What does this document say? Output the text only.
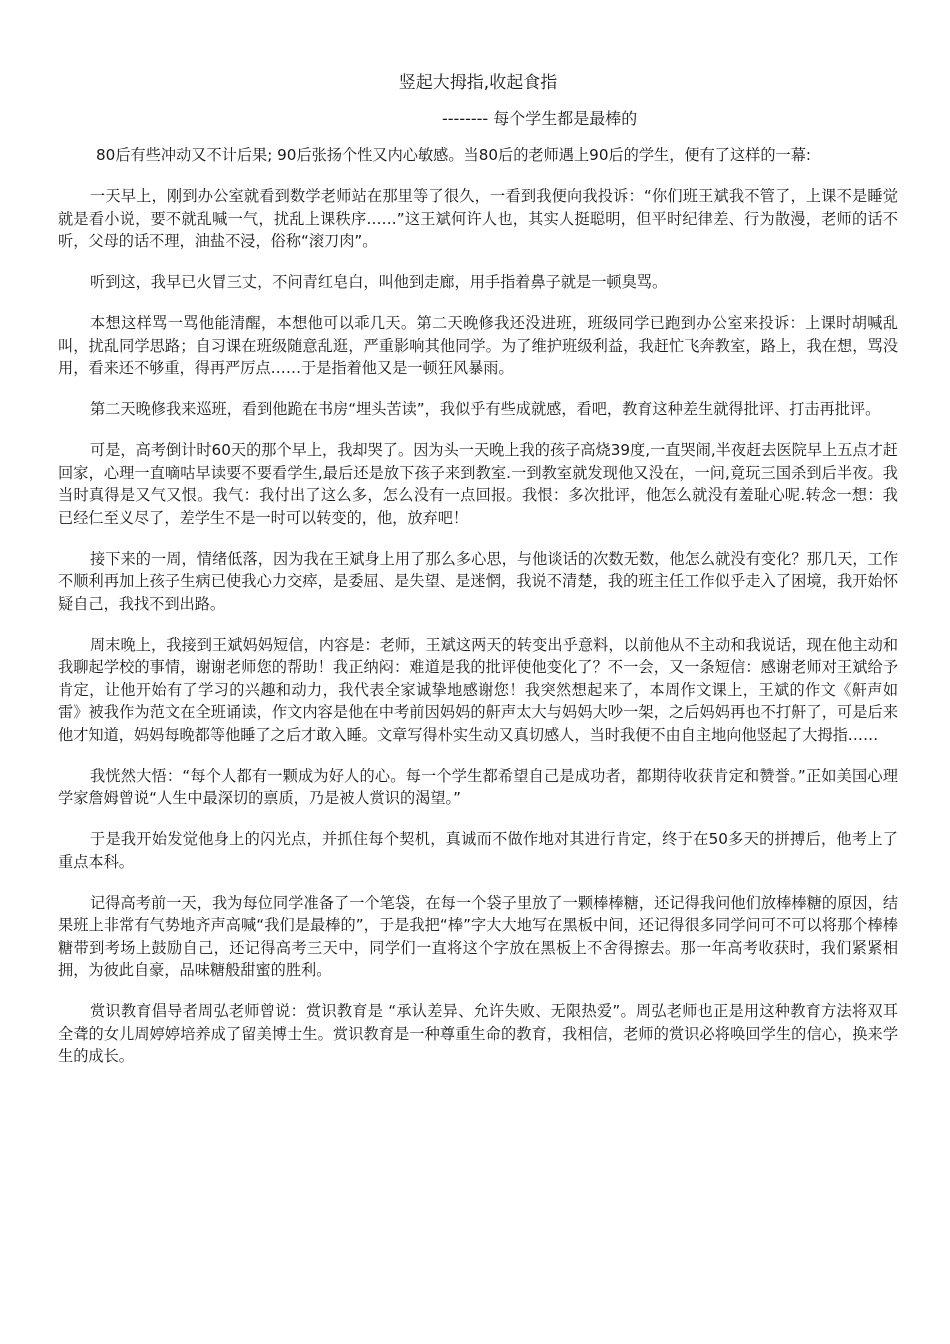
竖起大拇指,收起食指
-------- 每个学生都是最棒的

80后有些冲动又不计后果; 90后张扬个性又内心敏感。当80后的老师遇上90后的学生，便有了这样的一幕:

一天早上，刚到办公室就看到数学老师站在那里等了很久，一看到我便向我投诉：“你们班王斌我不管了，上课不是睡觉就是看小说，要不就乱喊一气，扰乱上课秩序……”这王斌何许人也，其实人挺聪明，但平时纪律差、行为散漫，老师的话不听，父母的话不理，油盐不浸，俗称“滚刀肉”。

听到这，我早已火冒三丈，不问青红皂白，叫他到走廊，用手指着鼻子就是一顿臭骂。

本想这样骂一骂他能清醒，本想他可以乖几天。第二天晚修我还没进班，班级同学已跑到办公室来投诉：上课时胡喊乱叫，扰乱同学思路；自习课在班级随意乱逛，严重影响其他同学。为了维护班级利益，我赶忙飞奔教室，路上，我在想，骂没用，看来还不够重，得再严厉点……于是指着他又是一顿狂风暴雨。

第二天晚修我来巡班，看到他跪在书房“埋头苦读”，我似乎有些成就感，看吧，教育这种差生就得批评、打击再批评。

可是，高考倒计时60天的那个早上，我却哭了。因为头一天晚上我的孩子高烧39度,一直哭闹,半夜赶去医院早上五点才赶回家，心理一直嘀咕早读要不要看学生,最后还是放下孩子来到教室.一到教室就发现他又没在，一问,竟玩三国杀到后半夜。我当时真得是又气又恨。我气：我付出了这么多，怎么没有一点回报。我恨：多次批评，他怎么就没有羞耻心呢.转念一想：我已经仁至义尽了，差学生不是一时可以转变的，他，放弃吧！

接下来的一周，情绪低落，因为我在王斌身上用了那么多心思，与他谈话的次数无数，他怎么就没有变化？那几天，工作不顺利再加上孩子生病已使我心力交瘁，是委屈、是失望、是迷惘，我说不清楚，我的班主任工作似乎走入了困境，我开始怀疑自己，我找不到出路。

周末晚上，我接到王斌妈妈短信，内容是：老师，王斌这两天的转变出乎意料，以前他从不主动和我说话，现在他主动和我聊起学校的事情，谢谢老师您的帮助！我正纳闷：难道是我的批评使他变化了？不一会，又一条短信：感谢老师对王斌给予肯定，让他开始有了学习的兴趣和动力，我代表全家诚挚地感谢您！我突然想起来了，本周作文课上，王斌的作文《鼾声如雷》被我作为范文在全班诵读，作文内容是他在中考前因妈妈的鼾声太大与妈妈大吵一架，之后妈妈再也不打鼾了，可是后来他才知道，妈妈每晚都等他睡了之后才敢入睡。文章写得朴实生动又真切感人，当时我便不由自主地向他竖起了大拇指……

我恍然大悟：“每个人都有一颗成为好人的心。每一个学生都希望自己是成功者，都期待收获肯定和赞誉。”正如美国心理学家詹姆曾说“人生中最深切的禀质，乃是被人赏识的渴望。”

于是我开始发觉他身上的闪光点，并抓住每个契机，真诚而不做作地对其进行肯定，终于在50多天的拼搏后，他考上了重点本科。

记得高考前一天，我为每位同学准备了一个笔袋，在每一个袋子里放了一颗棒棒糖，还记得我问他们放棒棒糖的原因，结果班上非常有气势地齐声高喊“我们是最棒的”，于是我把“棒”字大大地写在黑板中间，还记得很多同学问可不可以将那个棒棒糖带到考场上鼓励自己，还记得高考三天中，同学们一直将这个字放在黑板上不舍得擦去。那一年高考收获时，我们紧紧相拥，为彼此自豪，品味糖般甜蜜的胜利。

赏识教育倡导者周弘老师曾说：赏识教育是 “承认差异、允许失败、无限热爱”。周弘老师也正是用这种教育方法将双耳全聋的女儿周婷婷培养成了留美博士生。赏识教育是一种尊重生命的教育，我相信，老师的赏识必将唤回学生的信心，换来学生的成长。
